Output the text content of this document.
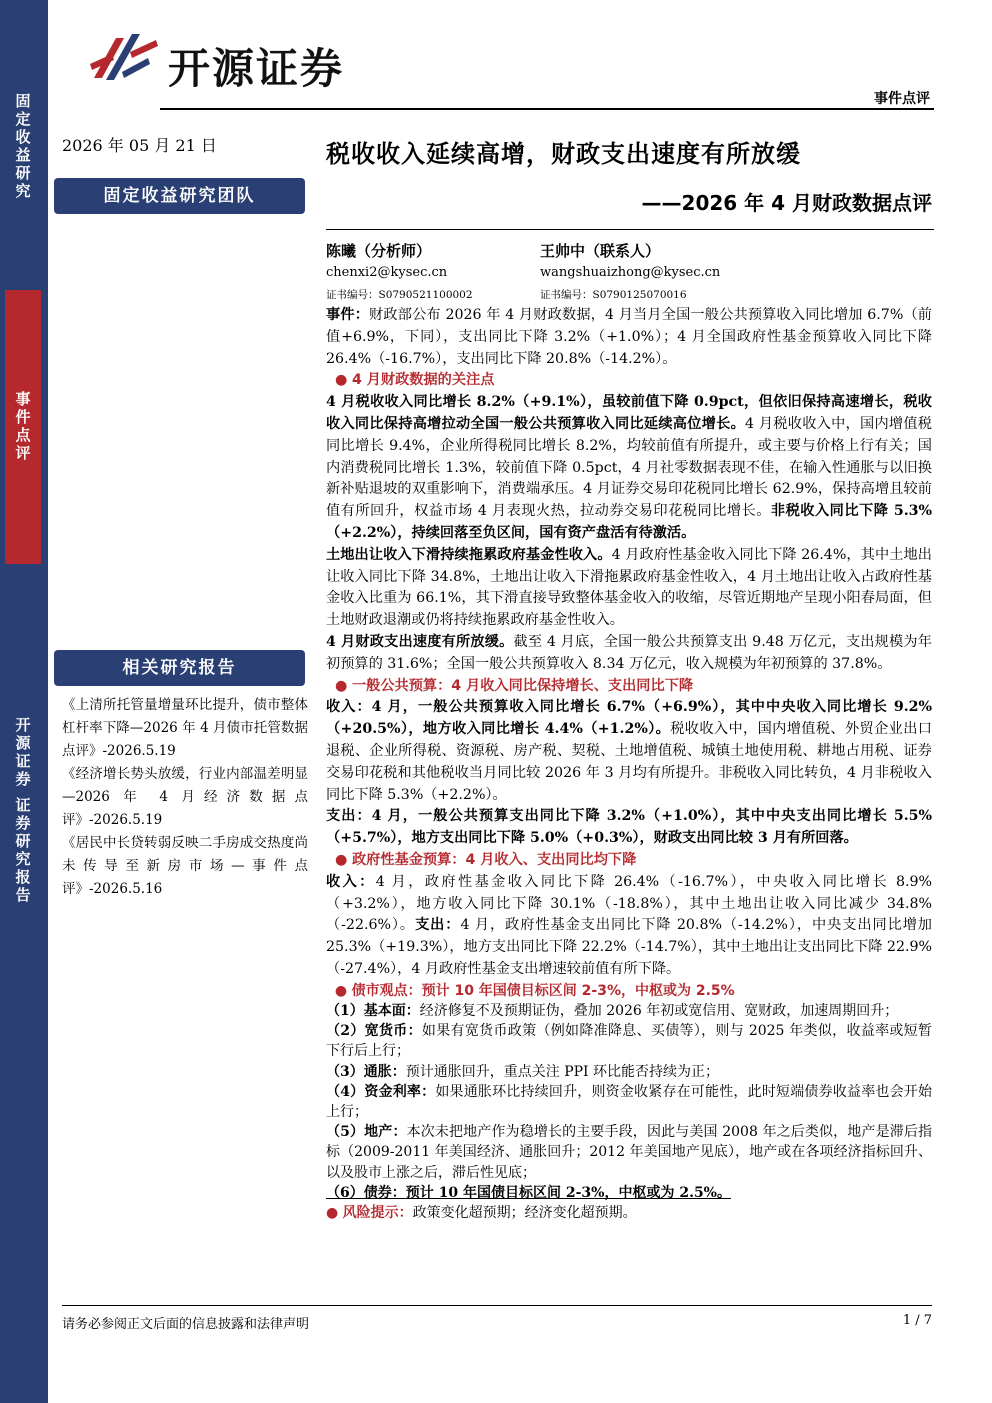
固
定
收
益
研
究
事
件
点
评
开
源
证
券

证
券
研
究
报
告
开源证券
事件点评
2026 年 05 月 21 日
固定收益研究团队
税收收入延续高增，财政支出速度有所放缓
——2026 年 4 月财政数据点评
陈曦（分析师）
chenxi2@kysec.cn
证书编号：S0790521100002
王帅中（联系人）
wangshuaizhong@kysec.cn
证书编号：S0790125070016
相关研究报告

《上清所托管量增量环比提升，债市整体杠杆率下降—2026 年 4 月债市托管数据点评》-2026.5.19

《经济增长势头放缓，行业内部温差明显—2026 年 4 月经济数据点评》-2026.5.19

《居民中长贷转弱反映二手房成交热度尚未传导至新房市场—事件点评》-2026.5.16

事件：财政部公布 2026 年 4 月财政数据，4 月当月全国一般公共预算收入同比增加 6.7%（前值+6.9%，下同），支出同比下降 3.2%（+1.0%）；4 月全国政府性基金预算收入同比下降 26.4%（-16.7%），支出同比下降 20.8%（-14.2%）。

● 4 月财政数据的关注点

4 月税收收入同比增长 8.2%（+9.1%），虽较前值下降 0.9pct，但依旧保持高速增长，税收收入同比保持高增拉动全国一般公共预算收入同比延续高位增长。4 月税收收入中，国内增值税同比增长 9.4%，企业所得税同比增长 8.2%，均较前值有所提升，或主要与价格上行有关；国内消费税同比增长 1.3%，较前值下降 0.5pct，4 月社零数据表现不佳，在输入性通胀与以旧换新补贴退坡的双重影响下，消费端承压。4 月证券交易印花税同比增长 62.9%，保持高增且较前值有所回升，权益市场 4 月表现火热，拉动券交易印花税同比增长。非税收入同比下降 5.3%（+2.2%），持续回落至负区间，国有资产盘活有待激活。

土地出让收入下滑持续拖累政府基金性收入。4 月政府性基金收入同比下降 26.4%，其中土地出让收入同比下降 34.8%，土地出让收入下滑拖累政府基金性收入，4 月土地出让收入占政府性基金收入比重为 66.1%，其下滑直接导致整体基金收入的收缩，尽管近期地产呈现小阳春局面，但土地财政退潮或仍将持续拖累政府基金性收入。

4 月财政支出速度有所放缓。截至 4 月底，全国一般公共预算支出 9.48 万亿元，支出规模为年初预算的 31.6%；全国一般公共预算收入 8.34 万亿元，收入规模为年初预算的 37.8%。

● 一般公共预算：4 月收入同比保持增长、支出同比下降

收入：4 月，一般公共预算收入同比增长 6.7%（+6.9%），其中中央收入同比增长 9.2%（+20.5%），地方收入同比增长 4.4%（+1.2%）。税收收入中，国内增值税、外贸企业出口退税、企业所得税、资源税、房产税、契税、土地增值税、城镇土地使用税、耕地占用税、证券交易印花税和其他税收当月同比较 2026 年 3 月均有所提升。非税收入同比转负，4 月非税收入同比下降 5.3%（+2.2%）。

支出：4 月，一般公共预算支出同比下降 3.2%（+1.0%），其中中央支出同比增长 5.5%（+5.7%），地方支出同比下降 5.0%（+0.3%），财政支出同比较 3 月有所回落。

● 政府性基金预算：4 月收入、支出同比均下降

收入：4 月，政府性基金收入同比下降 26.4%（-16.7%），中央收入同比增长 8.9%（+3.2%），地方收入同比下降 30.1%（-18.8%），其中土地出让收入同比减少 34.8%（-22.6%）。支出：4 月，政府性基金支出同比下降 20.8%（-14.2%），中央支出同比增加 25.3%（+19.3%），地方支出同比下降 22.2%（-14.7%），其中土地出让支出同比下降 22.9%（-27.4%），4 月政府性基金支出增速较前值有所下降。

● 债市观点：预计 10 年国债目标区间 2-3%，中枢或为 2.5%

（1）基本面：经济修复不及预期证伪，叠加 2026 年初或宽信用、宽财政，加速周期回升；

（2）宽货币：如果有宽货币政策（例如降准降息、买债等），则与 2025 年类似，收益率或短暂下行后上行；

（3）通胀：预计通胀回升，重点关注 PPI 环比能否持续为正；

（4）资金利率：如果通胀环比持续回升，则资金收紧存在可能性，此时短端债券收益率也会开始上行；

（5）地产：本次未把地产作为稳增长的主要手段，因此与美国 2008 年之后类似，地产是滞后指标（2009-2011 年美国经济、通胀回升；2012 年美国地产见底），地产或在各项经济指标回升、以及股市上涨之后，滞后性见底；

（6）债券：预计 10 年国债目标区间 2-3%，中枢或为 2.5%。

● 风险提示：政策变化超预期；经济变化超预期。

请务必参阅正文后面的信息披露和法律声明	1 / 7
